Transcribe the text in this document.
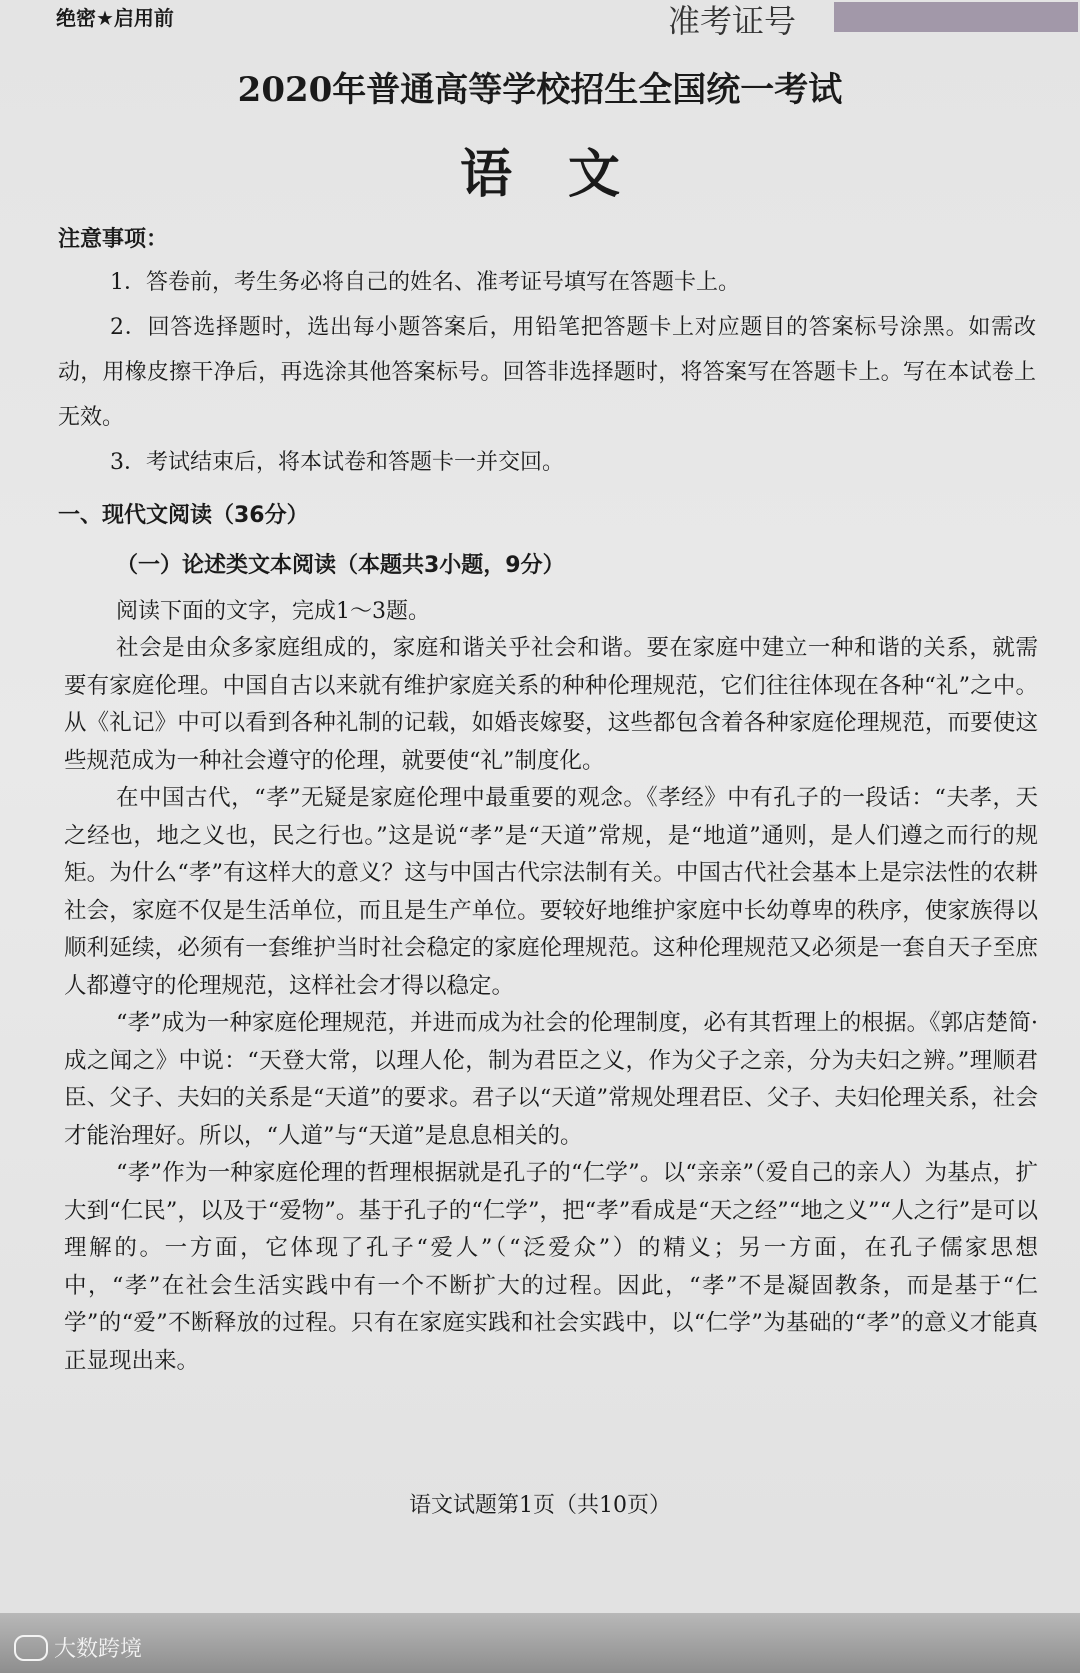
绝密★启用前	准考证号
2020年普通高等学校招生全国统一考试
语文
注意事项：
1．答卷前，考生务必将自己的姓名、准考证号填写在答题卡上。
2．回答选择题时，选出每小题答案后，用铅笔把答题卡上对应题目的答案标号涂黑。如需改动，用橡皮擦干净后，再选涂其他答案标号。回答非选择题时，将答案写在答题卡上。写在本试卷上无效。
3．考试结束后，将本试卷和答题卡一并交回。
一、现代文阅读（36分）
（一）论述类文本阅读（本题共3小题，9分）
阅读下面的文字，完成1～3题。

社会是由众多家庭组成的，家庭和谐关乎社会和谐。要在家庭中建立一种和谐的关系，就需要有家庭伦理。中国自古以来就有维护家庭关系的种种伦理规范，它们往往体现在各种“礼”之中。从《礼记》中可以看到各种礼制的记载，如婚丧嫁娶，这些都包含着各种家庭伦理规范，而要使这些规范成为一种社会遵守的伦理，就要使“礼”制度化。

在中国古代，“孝”无疑是家庭伦理中最重要的观念。《孝经》中有孔子的一段话：“夫孝，天之经也，地之义也，民之行也。”这是说“孝”是“天道”常规，是“地道”通则，是人们遵之而行的规矩。为什么“孝”有这样大的意义？这与中国古代宗法制有关。中国古代社会基本上是宗法性的农耕社会，家庭不仅是生活单位，而且是生产单位。要较好地维护家庭中长幼尊卑的秩序，使家族得以顺利延续，必须有一套维护当时社会稳定的家庭伦理规范。这种伦理规范又必须是一套自天子至庶人都遵守的伦理规范，这样社会才得以稳定。

“孝”成为一种家庭伦理规范，并进而成为社会的伦理制度，必有其哲理上的根据。《郭店楚简·成之闻之》中说：“天登大常，以理人伦，制为君臣之义，作为父子之亲，分为夫妇之辨。”理顺君臣、父子、夫妇的关系是“天道”的要求。君子以“天道”常规处理君臣、父子、夫妇伦理关系，社会才能治理好。所以，“人道”与“天道”是息息相关的。

“孝”作为一种家庭伦理的哲理根据就是孔子的“仁学”。以“亲亲”（爱自己的亲人）为基点，扩大到“仁民”，以及于“爱物”。基于孔子的“仁学”，把“孝”看成是“天之经”“地之义”“人之行”是可以理解的。一方面，它体现了孔子“爱人”（“泛爱众”）的精义；另一方面，在孔子儒家思想中，“孝”在社会生活实践中有一个不断扩大的过程。因此，“孝”不是凝固教条，而是基于“仁学”的“爱”不断释放的过程。只有在家庭实践和社会实践中，以“仁学”为基础的“孝”的意义才能真正显现出来。

语文试题第1页（共10页）
大数跨境
